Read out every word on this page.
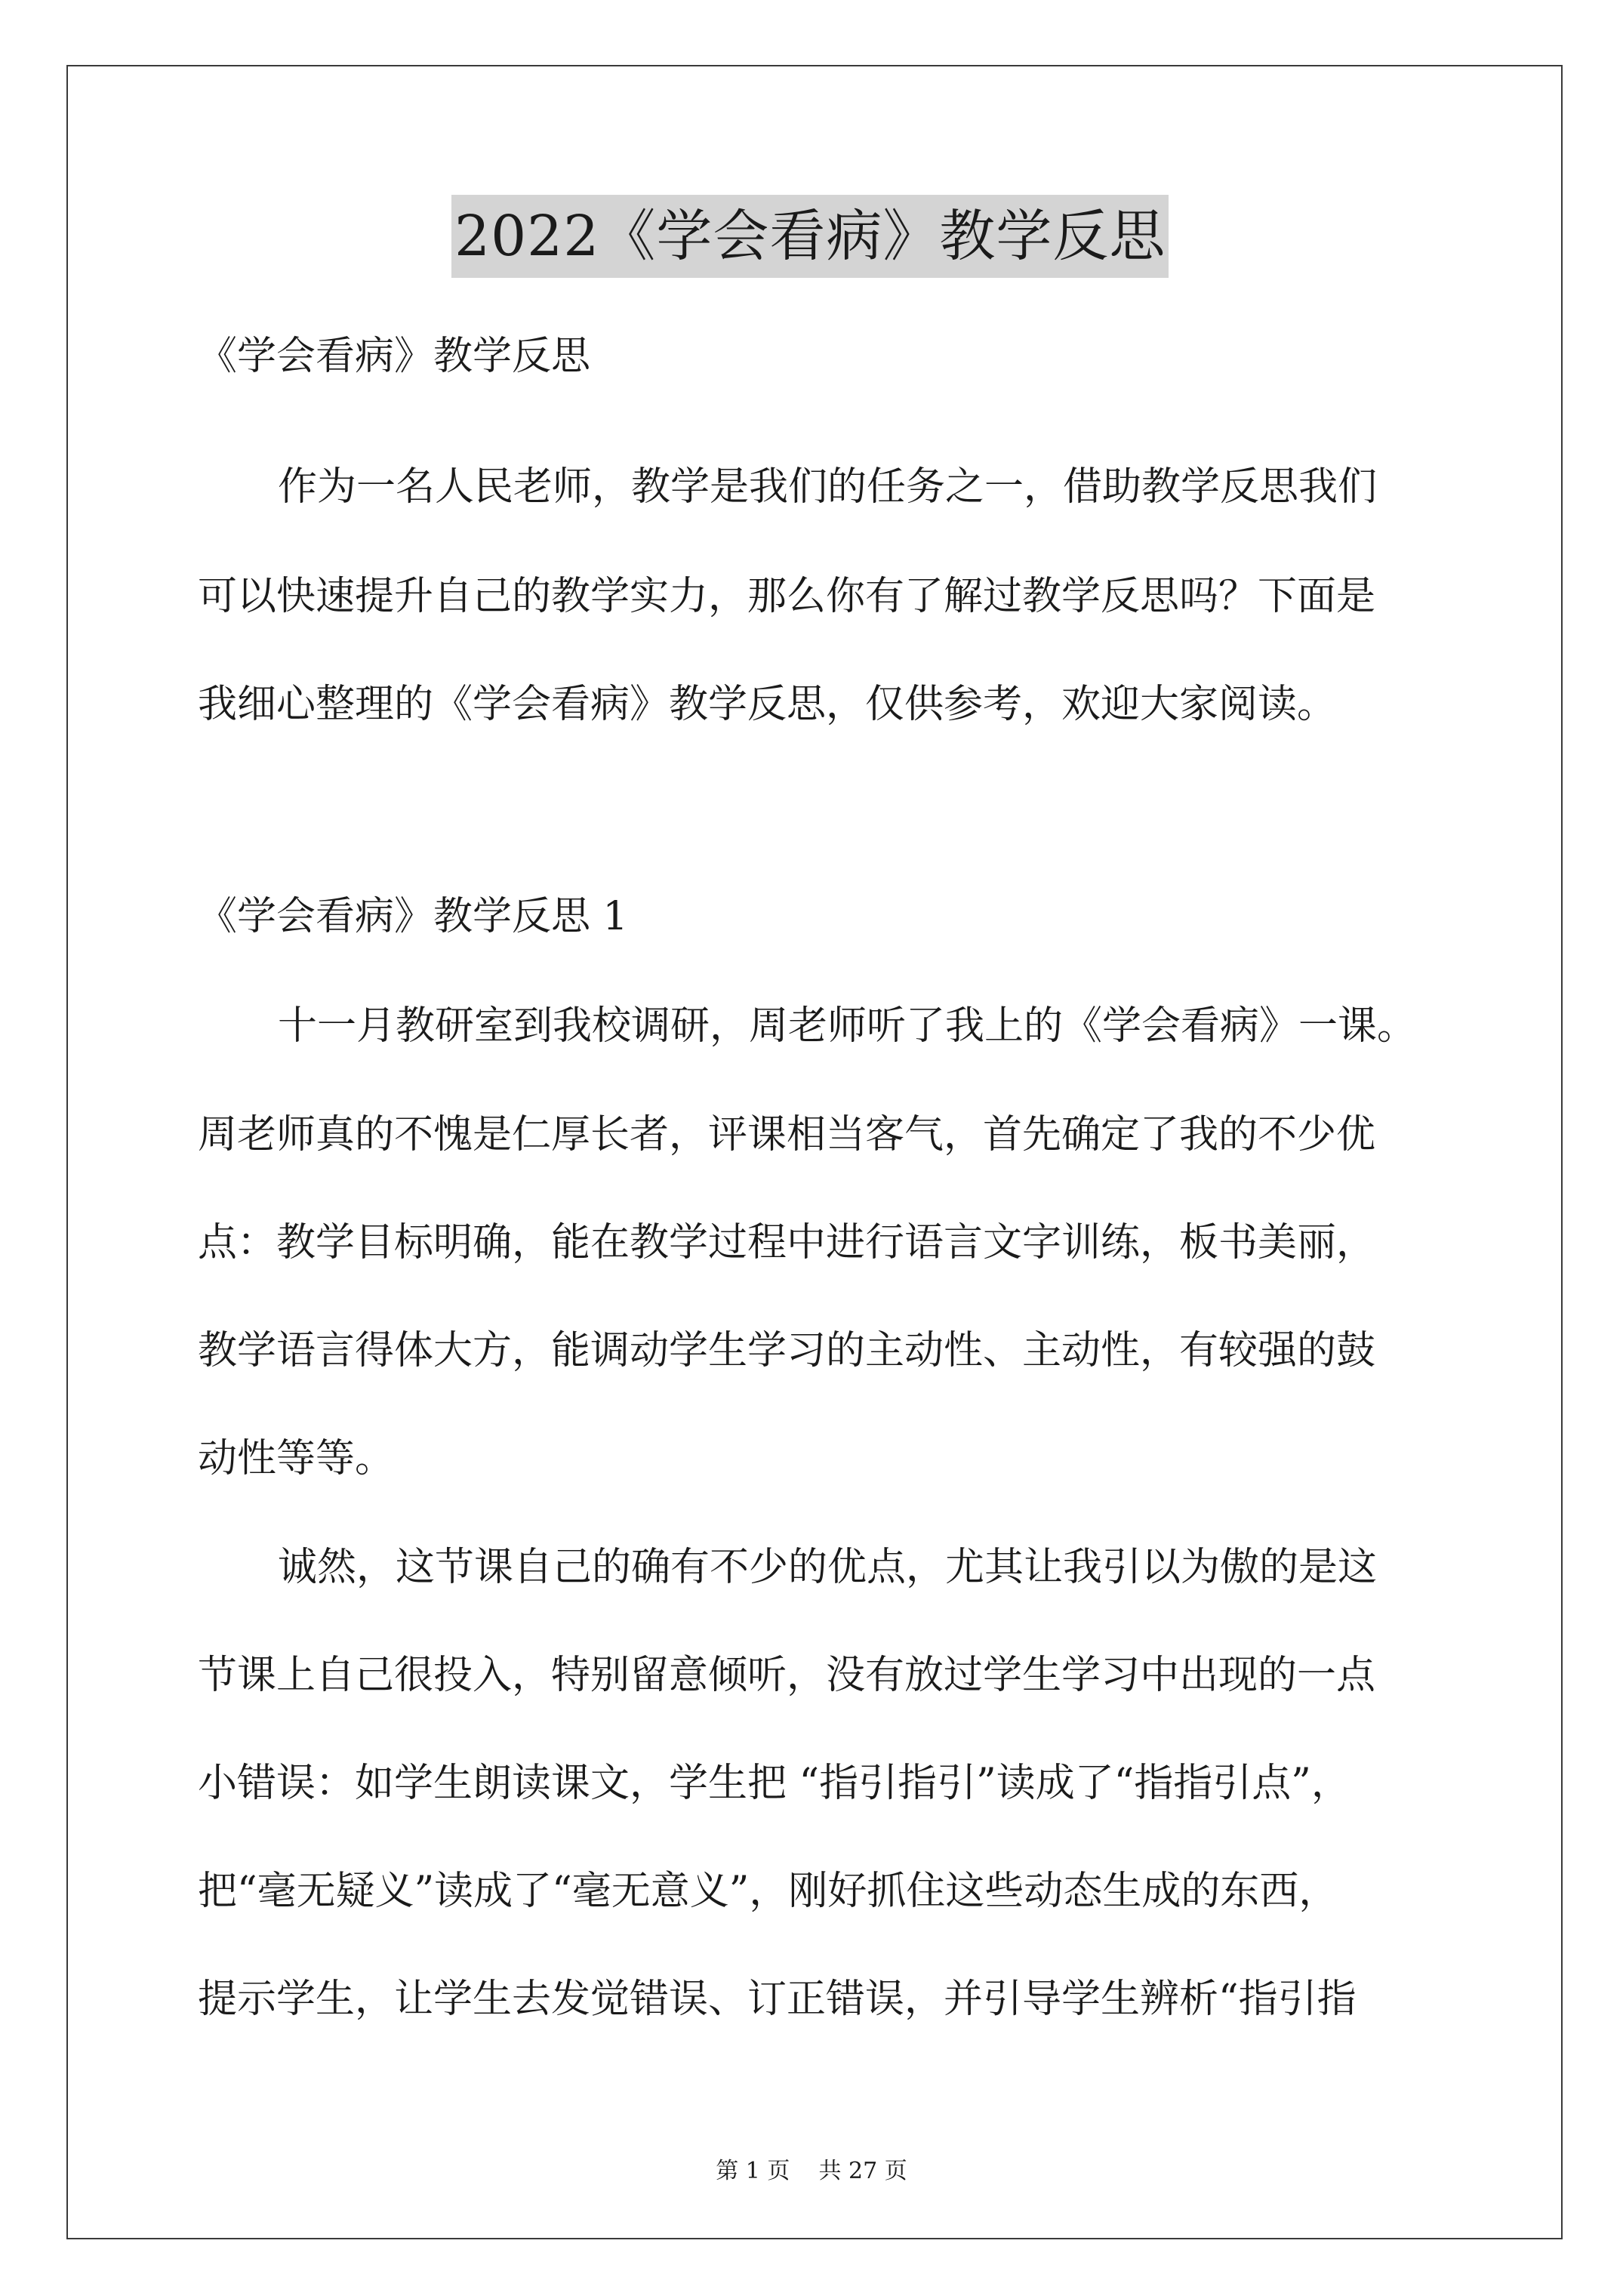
2022《学会看病》教学反思
《学会看病》教学反思
作为一名人民老师，教学是我们的任务之一，借助教学反思我们
可以快速提升自己的教学实力，那么你有了解过教学反思吗？下面是
我细心整理的《学会看病》教学反思，仅供参考，欢迎大家阅读。
《学会看病》教学反思 1
十一月教研室到我校调研，周老师听了我上的《学会看病》一课。
周老师真的不愧是仁厚长者，评课相当客气，首先确定了我的不少优
点：教学目标明确，能在教学过程中进行语言文字训练，板书美丽，
教学语言得体大方，能调动学生学习的主动性、主动性，有较强的鼓
动性等等。
诚然，这节课自己的确有不少的优点，尤其让我引以为傲的是这
节课上自己很投入，特别留意倾听，没有放过学生学习中出现的一点
小错误：如学生朗读课文，学生把 “指引指引”读成了“指指引点”，
把“毫无疑义”读成了“毫无意义”，刚好抓住这些动态生成的东西，
提示学生，让学生去发觉错误、订正错误，并引导学生辨析“指引指
第 1 页    共 27 页
